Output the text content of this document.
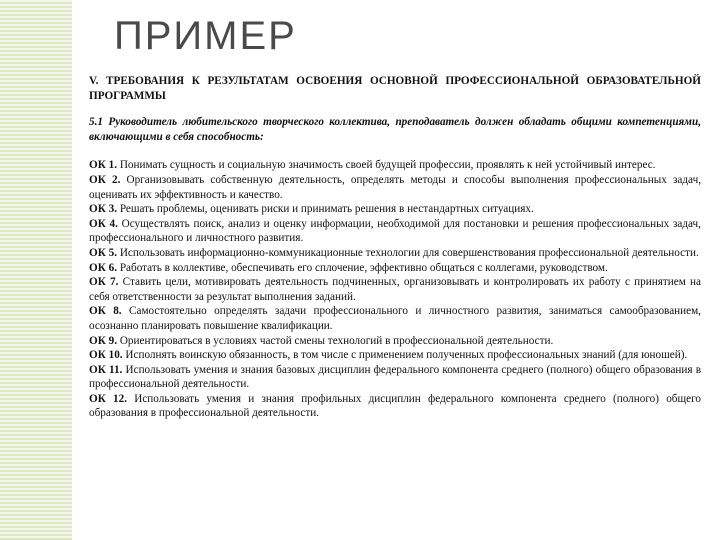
ПРИМЕР

V. ТРЕБОВАНИЯ К РЕЗУЛЬТАТАМ ОСВОЕНИЯ ОСНОВНОЙ ПРОФЕССИОНАЛЬНОЙ ОБРАЗОВАТЕЛЬНОЙ ПРОГРАММЫ

5.1 Руководитель любительского творческого коллектива, преподаватель должен обладать общими компетенциями, включающими в себя способность:

ОК 1. Понимать сущность и социальную значимость своей будущей профессии, проявлять к ней устойчивый интерес.

ОК 2. Организовывать собственную деятельность, определять методы и способы выполнения профессиональных задач, оценивать их эффективность и качество.

ОК 3. Решать проблемы, оценивать риски и принимать решения в нестандартных ситуациях.

ОК 4. Осуществлять поиск, анализ и оценку информации, необходимой для постановки и решения профессиональных задач, профессионального и личностного развития.

ОК 5. Использовать информационно-коммуникационные технологии для совершенствования профессиональной деятельности.

ОК 6. Работать в коллективе, обеспечивать его сплочение, эффективно общаться с коллегами, руководством.

ОК 7. Ставить цели, мотивировать деятельность подчиненных, организовывать и контролировать их работу с принятием на себя ответственности за результат выполнения заданий.

ОК 8. Самостоятельно определять задачи профессионального и личностного развития, заниматься самообразованием, осознанно планировать повышение квалификации.

ОК 9. Ориентироваться в условиях частой смены технологий в профессиональной деятельности.

ОК 10. Исполнять воинскую обязанность, в том числе с применением полученных профессиональных знаний (для юношей).

ОК 11. Использовать умения и знания базовых дисциплин федерального компонента среднего (полного) общего образования в профессиональной деятельности.

ОК 12. Использовать умения и знания профильных дисциплин федерального компонента среднего (полного) общего образования в профессиональной деятельности.
